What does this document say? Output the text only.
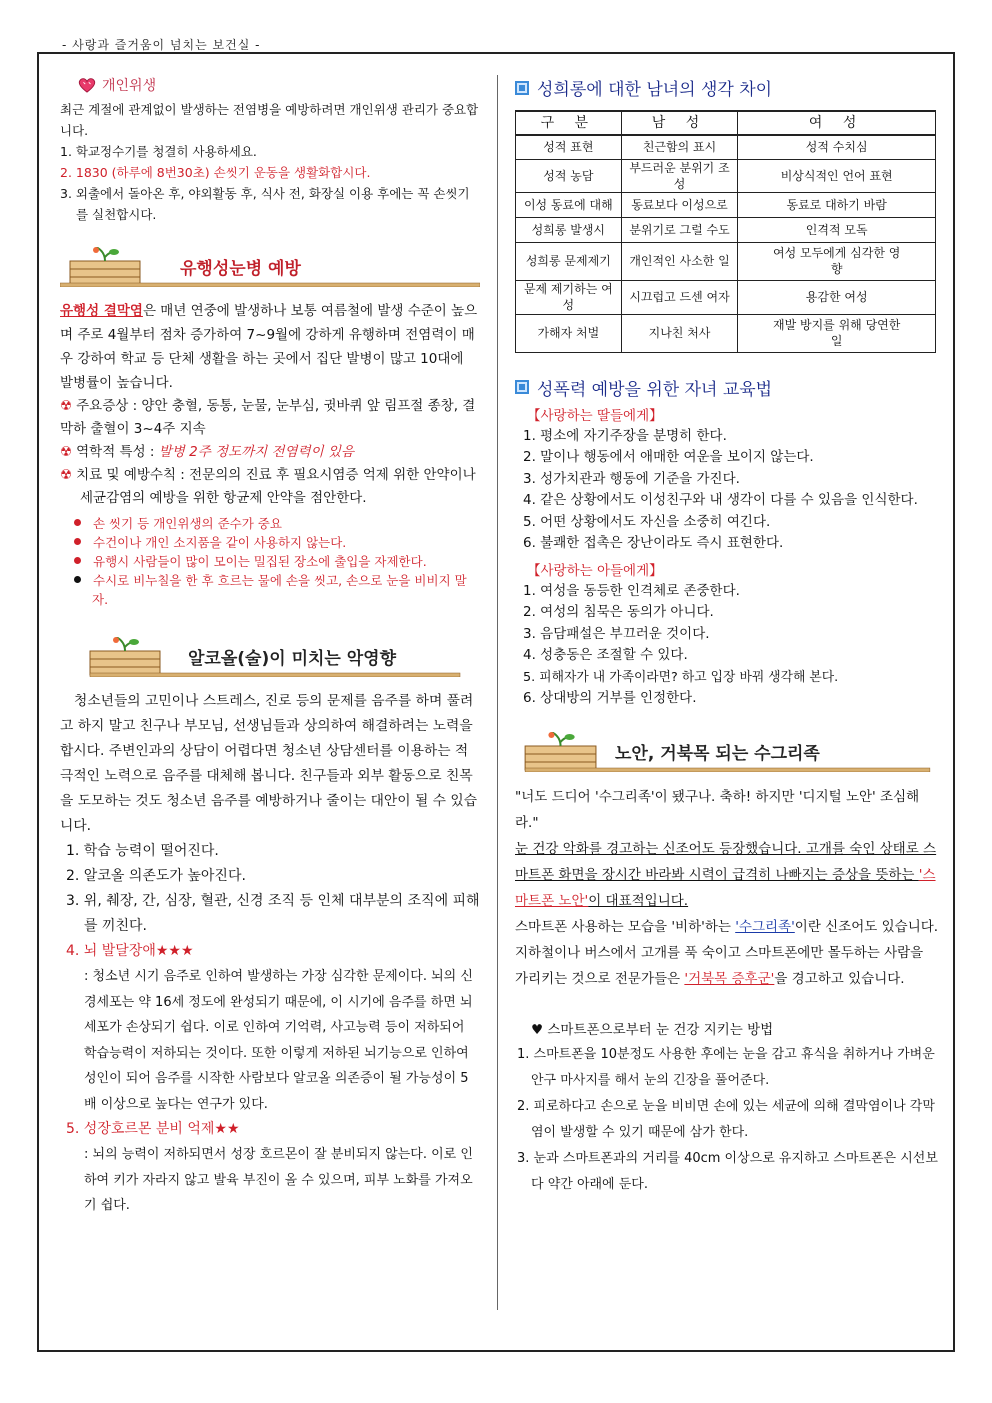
- 사랑과 즐거움이 넘치는 보건실 -
개인위생
최근 계절에 관계없이 발생하는 전염병을 예방하려면 개인위생 관리가 중요합니다.
1. 학교정수기를 청결히 사용하세요.
2. 1830 (하루에 8번30초) 손씻기 운동을 생활화합시다.
3. 외출에서 돌아온 후, 야외활동 후, 식사 전, 화장실 이용 후에는 꼭 손씻기를 실천합시다.
유행성눈병 예방
유행성 결막염은 매년 연중에 발생하나 보통 여름철에 발생 수준이 높으며 주로 4월부터 점차 증가하여 7~9월에 강하게 유행하며 전염력이 매우 강하여 학교 등 단체 생활을 하는 곳에서 집단 발병이 많고 10대에 발병률이 높습니다.
☢ 주요증상 : 양안 충혈, 동통, 눈물, 눈부심, 귓바퀴 앞 림프절 종창, 결막하 출혈이 3~4주 지속
☢ 역학적 특성 : 발병 2주 정도까지 전염력이 있음
☢ 치료 및 예방수칙 : 전문의의 진료 후 필요시염증 억제 위한 안약이나 세균감염의 예방을 위한 항균제 안약을 점안한다.
손 씻기 등 개인위생의 준수가 중요
수건이나 개인 소지품을 같이 사용하지 않는다.
유행시 사람들이 많이 모이는 밀집된 장소에 출입을 자제한다.
수시로 비누칠을 한 후 흐르는 물에 손을 씻고, 손으로 눈을 비비지 말자.
알코올(술)이 미치는 악영향
청소년들의 고민이나 스트레스, 진로 등의 문제를 음주를 하며 풀려고 하지 말고 친구나 부모님, 선생님들과 상의하여 해결하려는 노력을 합시다. 주변인과의 상담이 어렵다면 청소년 상담센터를 이용하는 적극적인 노력으로 음주를 대체해 봅니다. 친구들과 외부 활동으로 친목을 도모하는 것도 청소년 음주를 예방하거나 줄이는 대안이 될 수 있습니다.
1. 학습 능력이 떨어진다.
2. 알코올 의존도가 높아진다.
3. 위, 췌장, 간, 심장, 혈관, 신경 조직 등 인체 대부분의 조직에 피해를 끼친다.
4. 뇌 발달장애★★★
: 청소년 시기 음주로 인하여 발생하는 가장 심각한 문제이다. 뇌의 신경세포는 약 16세 정도에 완성되기 때문에, 이 시기에 음주를 하면 뇌세포가 손상되기 쉽다. 이로 인하여 기억력, 사고능력 등이 저하되어 학습능력이 저하되는 것이다. 또한 이렇게 저하된 뇌기능으로 인하여 성인이 되어 음주를 시작한 사람보다 알코올 의존증이 될 가능성이 5배 이상으로 높다는 연구가 있다.
5. 성장호르몬 분비 억제★★
: 뇌의 능력이 저하되면서 성장 호르몬이 잘 분비되지 않는다. 이로 인하여 키가 자라지 않고 발육 부진이 올 수 있으며, 피부 노화를 가져오기 쉽다.
성희롱에 대한 남녀의 생각 차이
구 분	남 성	여 성
성적 표현	친근함의 표시	성적 수치심
성적 농담	부드러운 분위기 조성	비상식적인 언어 표현
이성 동료에 대해	동료보다 이성으로	동료로 대하기 바람
성희롱 발생시	분위기로 그럴 수도	인격적 모독
성희롱 문제제기	개인적인 사소한 일	여성 모두에게 심각한 영향
문제 제기하는 여성	시끄럽고 드센 여자	용감한 여성
가해자 처벌	지나친 처사	재발 방지를 위해 당연한 일
성폭력 예방을 위한 자녀 교육법
【사랑하는 딸들에게】
1. 평소에 자기주장을 분명히 한다.
2. 말이나 행동에서 애매한 여운을 보이지 않는다.
3. 성가치관과 행동에 기준을 가진다.
4. 같은 상황에서도 이성친구와 내 생각이 다를 수 있음을 인식한다.
5. 어떤 상황에서도 자신을 소중히 여긴다.
6. 불쾌한 접촉은 장난이라도 즉시 표현한다.
【사랑하는 아들에게】
1. 여성을 동등한 인격체로 존중한다.
2. 여성의 침묵은 동의가 아니다.
3. 음담패설은 부끄러운 것이다.
4. 성충동은 조절할 수 있다.
5. 피해자가 내 가족이라면? 하고 입장 바꿔 생각해 본다.
6. 상대방의 거부를 인정한다.
노안, 거북목 되는 수그리족
"너도 드디어 '수그리족'이 됐구나. 축하! 하지만 '디지털 노안' 조심해라."
눈 건강 악화를 경고하는 신조어도 등장했습니다. 고개를 숙인 상태로 스마트폰 화면을 장시간 바라봐 시력이 급격히 나빠지는 증상을 뜻하는 '스마트폰 노안'이 대표적입니다.
스마트폰 사용하는 모습을 '비하'하는 '수그리족'이란 신조어도 있습니다. 지하철이나 버스에서 고개를 푹 숙이고 스마트폰에만 몰두하는 사람을 가리키는 것으로 전문가들은 '거북목 증후군'을 경고하고 있습니다.
♥ 스마트폰으로부터 눈 건강 지키는 방법
1. 스마트폰을 10분정도 사용한 후에는 눈을 감고 휴식을 취하거나 가벼운 안구 마사지를 해서 눈의 긴장을 풀어준다.
2. 피로하다고 손으로 눈을 비비면 손에 있는 세균에 의해 결막염이나 각막염이 발생할 수 있기 때문에 삼가 한다.
3. 눈과 스마트폰과의 거리를 40cm 이상으로 유지하고 스마트폰은 시선보다 약간 아래에 둔다.
